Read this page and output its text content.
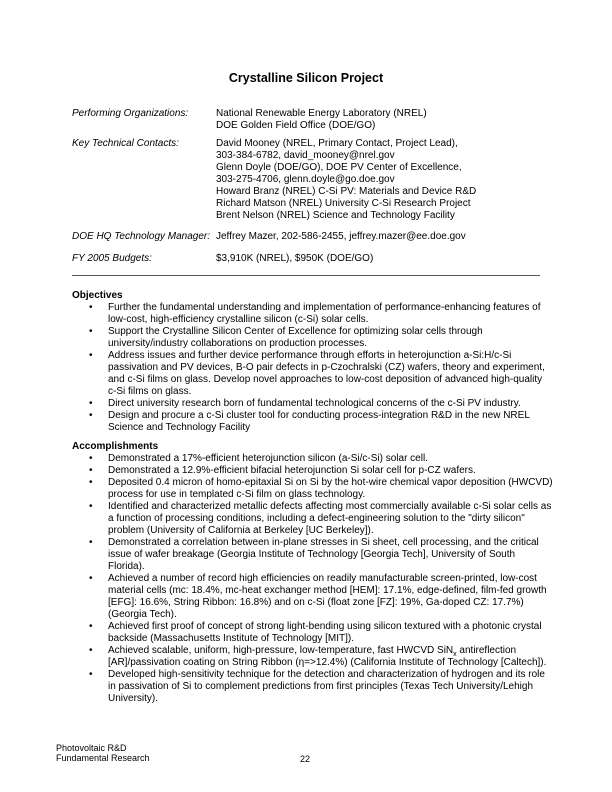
Crystalline Silicon Project
Performing Organizations:	National Renewable Energy Laboratory (NREL)
DOE Golden Field Office (DOE/GO)
Key Technical Contacts:	David Mooney (NREL, Primary Contact, Project Lead),
303-384-6782, david_mooney@nrel.gov
Glenn Doyle (DOE/GO), DOE PV Center of Excellence,
303-275-4706, glenn.doyle@go.doe.gov
Howard Branz (NREL) C-Si PV: Materials and Device R&D
Richard Matson (NREL) University C-Si Research Project
Brent Nelson (NREL) Science and Technology Facility
DOE HQ Technology Manager: Jeffrey Mazer, 202-586-2455, jeffrey.mazer@ee.doe.gov
FY 2005 Budgets:	$3,910K (NREL), $950K (DOE/GO)
Objectives
• Further the fundamental understanding and implementation of performance-enhancing features of low-cost, high-efficiency crystalline silicon (c-Si) solar cells.
• Support the Crystalline Silicon Center of Excellence for optimizing solar cells through university/industry collaborations on production processes.
• Address issues and further device performance through efforts in heterojunction a-Si:H/c-Si passivation and PV devices, B-O pair defects in p-Czochralski (CZ) wafers, theory and experiment, and c-Si films on glass. Develop novel approaches to low-cost deposition of advanced high-quality c-Si films on glass.
• Direct university research born of fundamental technological concerns of the c-Si PV industry.
• Design and procure a c-Si cluster tool for conducting process-integration R&D in the new NREL Science and Technology Facility
Accomplishments
• Demonstrated a 17%-efficient heterojunction silicon (a-Si/c-Si) solar cell.
• Demonstrated a 12.9%-efficient bifacial heterojunction Si solar cell for p-CZ wafers.
• Deposited 0.4 micron of homo-epitaxial Si on Si by the hot-wire chemical vapor deposition (HWCVD) process for use in templated c-Si film on glass technology.
• Identified and characterized metallic defects affecting most commercially available c-Si solar cells as a function of processing conditions, including a defect-engineering solution to the "dirty silicon" problem (University of California at Berkeley [UC Berkeley]).
• Demonstrated a correlation between in-plane stresses in Si sheet, cell processing, and the critical issue of wafer breakage (Georgia Institute of Technology [Georgia Tech], University of South Florida).
• Achieved a number of record high efficiencies on readily manufacturable screen-printed, low-cost material cells (mc: 18.4%, mc-heat exchanger method [HEM]: 17.1%, edge-defined, film-fed growth [EFG]: 16.6%, String Ribbon: 16.8%) and on c-Si (float zone [FZ]: 19%, Ga-doped CZ: 17.7%) (Georgia Tech).
• Achieved first proof of concept of strong light-bending using silicon textured with a photonic crystal backside (Massachusetts Institute of Technology [MIT]).
• Achieved scalable, uniform, high-pressure, low-temperature, fast HWCVD SiN$_x$ antireflection [AR]/passivation coating on String Ribbon (η=>12.4%) (California Institute of Technology [Caltech]).
• Developed high-sensitivity technique for the detection and characterization of hydrogen and its role in passivation of Si to complement predictions from first principles (Texas Tech University/Lehigh University).
Photovoltaic R&D
Fundamental Research	22
